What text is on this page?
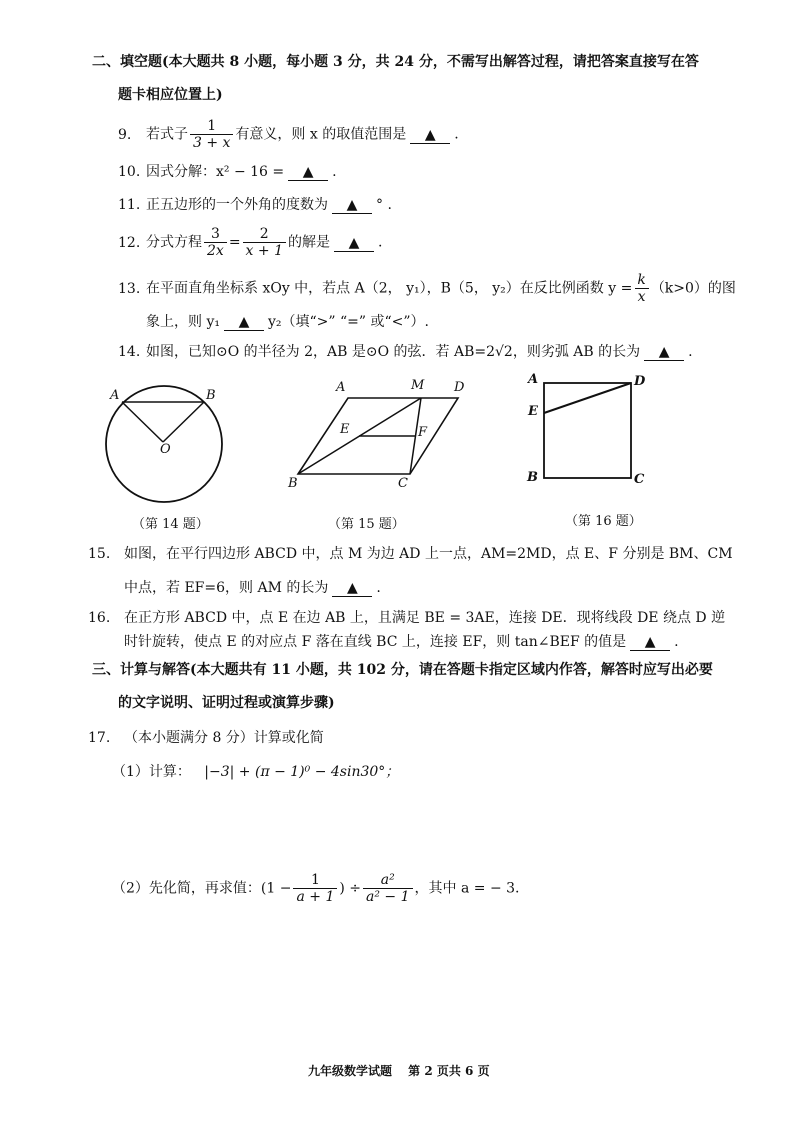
二、填空题(本大题共 8 小题，每小题 3 分，共 24 分，不需写出解答过程，请把答案直接写在答
题卡相应位置上)
9. 若式子 $\frac{1}{3 + x}$ 有意义，则 x 的取值范围是 ▲ .
10. 因式分解：x² − 16 = ▲ .
11. 正五边形的一个外角的度数为 ▲ ° .
12. 分式方程 $\frac{3}{2x} = \frac{2}{x + 1}$ 的解是 ▲ .
13. 在平面直角坐标系 xOy 中，若点 A（2， y₁），B（5， y₂）在反比例函数 $y = \frac{k}{x} (k>0)$的图
象上，则 y₁ ▲ y₂（填“>” “=” 或“<”）.
14. 如图，已知⊙O 的半径为 2，AB 是⊙O 的弦．若 AB=2√2，则劣弧 AB 的长为 ▲ .
A	B
O
（第 14 题）
A	M D
E	F
B	C
（第 15 题）
A	D
E
B	C
（第 16 题）
15. 如图，在平行四边形 ABCD 中，点 M 为边 AD 上一点，AM=2MD，点 E、F 分别是 BM、CM
中点，若 EF=6，则 AM 的长为 ▲ .
16. 在正方形 ABCD 中，点 E 在边 AB 上，且满足 BE = 3AE，连接 DE．现将线段 DE 绕点 D 逆
时针旋转，使点 E 的对应点 F 落在直线 BC 上，连接 EF，则 tan∠BEF 的值是 ▲ .
三、计算与解答(本大题共有 11 小题，共 102 分，请在答题卡指定区域内作答，解答时应写出必要
的文字说明、证明过程或演算步骤)
17. （本小题满分 8 分）计算或化简
（1）计算： |−3| + (π − 1)⁰ − 4sin30°；
（2）先化简，再求值：($1 - \frac{1}{a + 1}$ ) ÷ $\frac{\text{a²}}{\text{a² − 1}}$ ，其中 a = − 3.
九年级数学试题　 第 2 页共 6 页
